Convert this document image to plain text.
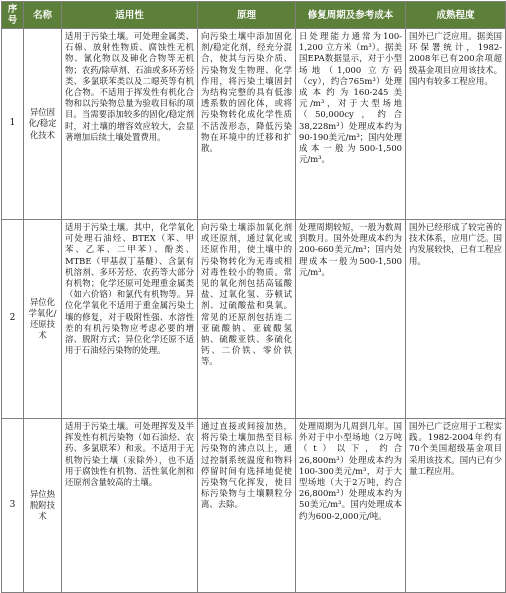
序号	名称	适用性	原理	修复周期及参考成本	成熟程度
1	异位固化/稳定化技术	适用于污染土壤。可处理金属类、石棉、放射性物质、腐蚀性无机物、氰化物以及砷化合物等无机物；农药/除草剂、石油或多环芳烃类、多氯联苯类以及二噁英等有机化合物。不适用于挥发性有机化合物和以污染物总量为验收目标的项目。当需要添加较多的固化/稳定剂时，对土壤的增容效应较大，会显著增加后续土壤处置费用。	向污染土壤中添加固化剂/稳定化剂，经充分混合，使其与污染介质、污染物发生物理、化学作用，将污染土壤固封为结构完整的具有低渗透系数的固化体，或将污染物转化成化学性质不活泼形态，降低污染物在环境中的迁移和扩散。	日处理能力通常为100-1,200 立方米（m³）。据美国EPA数据显示，对于小型场地（1,000 立方码（cy），约合765m³）处理成本约为160-245美元/m³，对于大型场地（50,000cy，约合38,228m³）处理成本约为90-190美元/m³；国内处理成本一般为500-1,500元/m³。	国外已广泛应用。据美国环保署统计，1982-2008年已有200余项超级基金项目应用该技术。国内有较多工程应用。
2	异位化学氧化/还原技术	适用于污染土壤。其中，化学氧化可处理石油烃、BTEX（苯、甲苯、乙苯、二甲苯）、酚类、MTBE（甲基叔丁基醚）、含氯有机溶剂、多环芳烃、农药等大部分有机物；化学还原可处理重金属类（如六价铬）和氯代有机物等。异位化学氧化不适用于重金属污染土壤的修复，对于吸附性强、水溶性差的有机污染物应考虑必要的增溶、脱附方式；异位化学还原不适用于石油烃污染物的处理。	向污染土壤添加氧化剂或还原剂，通过氧化或还原作用，使土壤中的污染物转化为无毒或相对毒性较小的物质。常见的氧化剂包括高锰酸盐、过氧化氢、芬顿试剂、过硫酸盐和臭氧。常见的还原剂包括连二亚硫酸钠、亚硫酸氢钠、硫酸亚铁、多硫化钙、二价铁、零价铁等。	处理周期较短，一般为数周到数月。国外处理成本约为200-660美元/m³；国内处理成本一般为500-1,500元/m³。	国外已经形成了较完善的技术体系，应用广泛。国内发展较快，已有工程应用。
3	异位热脱附技术	适用于污染土壤。可处理挥发及半挥发性有机污染物（如石油烃、农药、多氯联苯）和汞。不适用于无机物污染土壤（汞除外），也不适用于腐蚀性有机物、活性氧化剂和还原剂含量较高的土壤。	通过直接或间接加热，将污染土壤加热至目标污染物的沸点以上，通过控制系统温度和物料停留时间有选择地促使污染物气化挥发，使目标污染物与土壤颗粒分离、去除。	处理周期为几周到几年。国外对于中小型场地（2万吨（t）以下，约合26,800m³）处理成本约为100-300美元/m³，对于大型场地（大于2万吨，约合26,800m³）处理成本约为50美元/m³。国内处理成本约为600-2,000元/吨。	国外已广泛应用于工程实践。1982-2004年约有70个美国超级基金项目采用该技术。国内已有少量工程应用。
